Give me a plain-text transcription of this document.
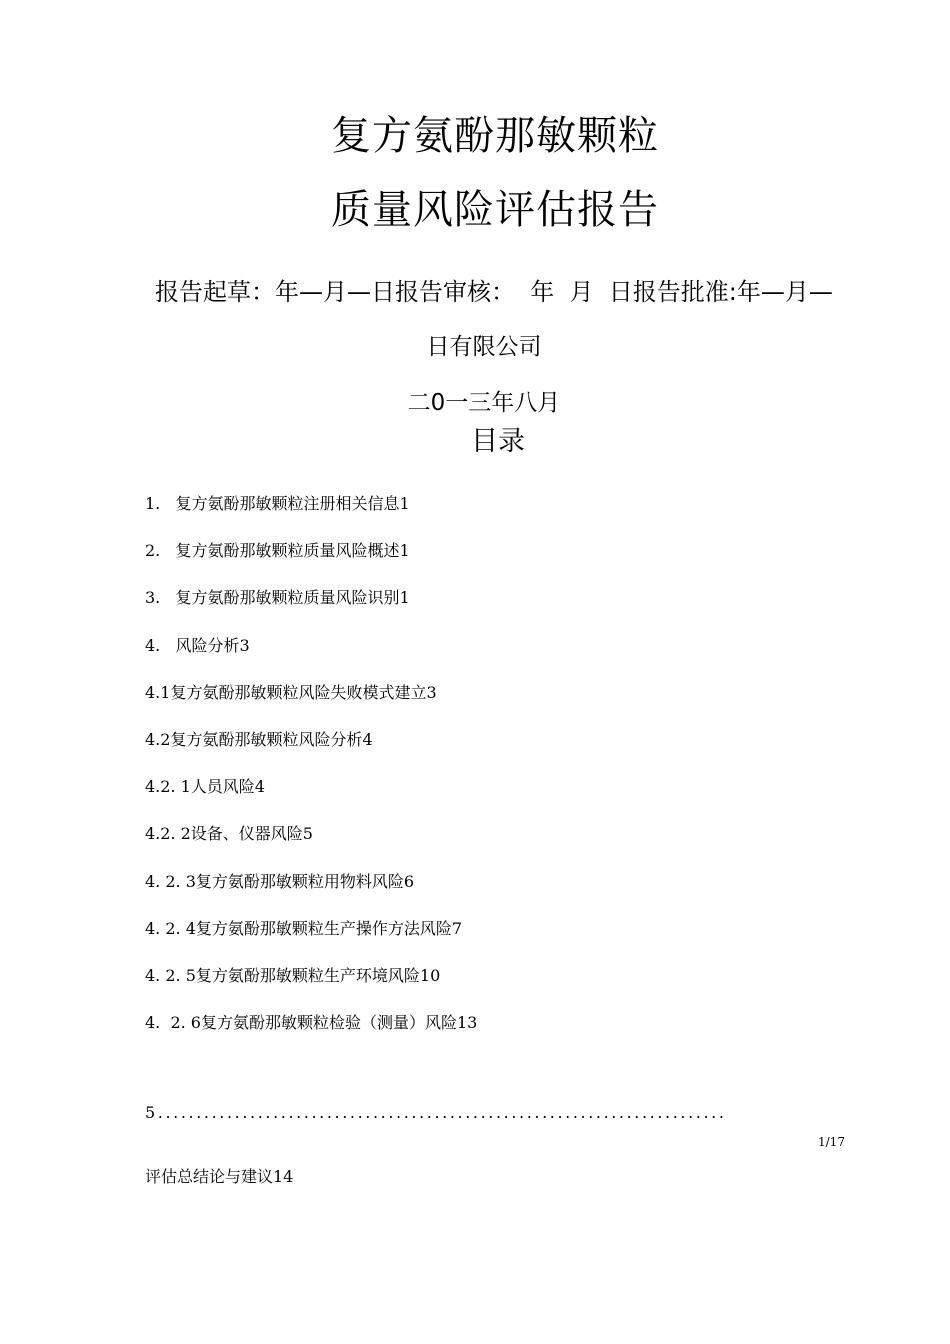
复方氨酚那敏颗粒
质量风险评估报告
报告起草：年—月—日报告审核：  年  月  日报告批准:年—月—
日有限公司
二0一三年八月
目录
1.   复方氨酚那敏颗粒注册相关信息1
2.   复方氨酚那敏颗粒质量风险概述1
3.   复方氨酚那敏颗粒质量风险识别1
4.   风险分析3
4.1复方氨酚那敏颗粒风险失败模式建立3
4.2复方氨酚那敏颗粒风险分析4
4.2. 1人员风险4
4.2. 2设备、仪器风险5
4. 2. 3复方氨酚那敏颗粒用物料风险6
4. 2. 4复方氨酚那敏颗粒生产操作方法风险7
4. 2. 5复方氨酚那敏颗粒生产环境风险10
4.  2. 6复方氨酚那敏颗粒检验（测量）风险13

5..........................................................................

评估总结论与建议14

1/17
